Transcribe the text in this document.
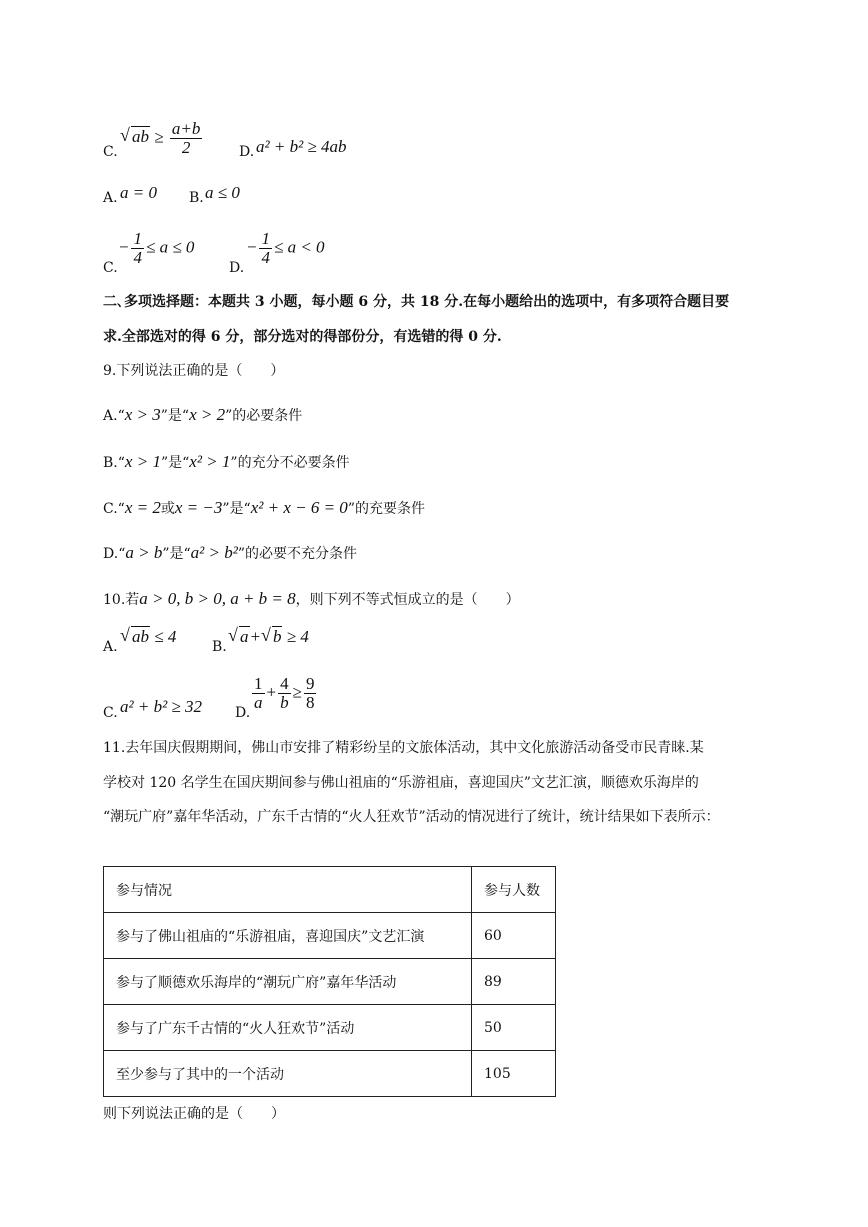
C.
√ ab ≥ $\frac{a+b}{2}$	D. a² + b² ≥ 4ab
A. a = 0 B. a ≤ 0
C.
− $\frac{1}{4} \le a \le 0$
D.
− $\frac{1}{4} \le a < 0$
二､多项选择题：本题共 3 小题，每小题 6 分，共 18 分.在每小题给出的选项中，有多项符合题目要
求.全部选对的得 6 分，部分选对的得部份分，有选错的得 0 分.
9.下列说法正确的是（　　）
A.“x > 3”是“x > 2”的必要条件
B.“x > 1”是“x² > 1”的充分不必要条件
C.“x = 2或x = −3”是“x² + x − 6 = 0”的充要条件
D.“a > b”是“a² > b²”的必要不充分条件
10.若a > 0, b > 0, a + b = 8，则下列不等式恒成立的是（　　）
A.
√ ab ≤ 4
B.
√ a+ √ b ≥ 4
C. a² + b² ≥ 32 D.
$\frac{1}{a} + \frac{4}{b} \ge \frac{9}{8}$
11.去年国庆假期期间，佛山市安排了精彩纷呈的文旅体活动，其中文化旅游活动备受市民青睐.某
学校对 120 名学生在国庆期间参与佛山祖庙的“乐游祖庙，喜迎国庆”文艺汇演，顺德欢乐海岸的
“潮玩广府”嘉年华活动，广东千古情的“火人狂欢节”活动的情况进行了统计，统计结果如下表所示：
参与情况	参与人数
参与了佛山祖庙的“乐游祖庙，喜迎国庆”文艺汇演	60
参与了顺德欢乐海岸的“潮玩广府”嘉年华活动	89
参与了广东千古情的“火人狂欢节”活动	50
至少参与了其中的一个活动	105
则下列说法正确的是（　　）
